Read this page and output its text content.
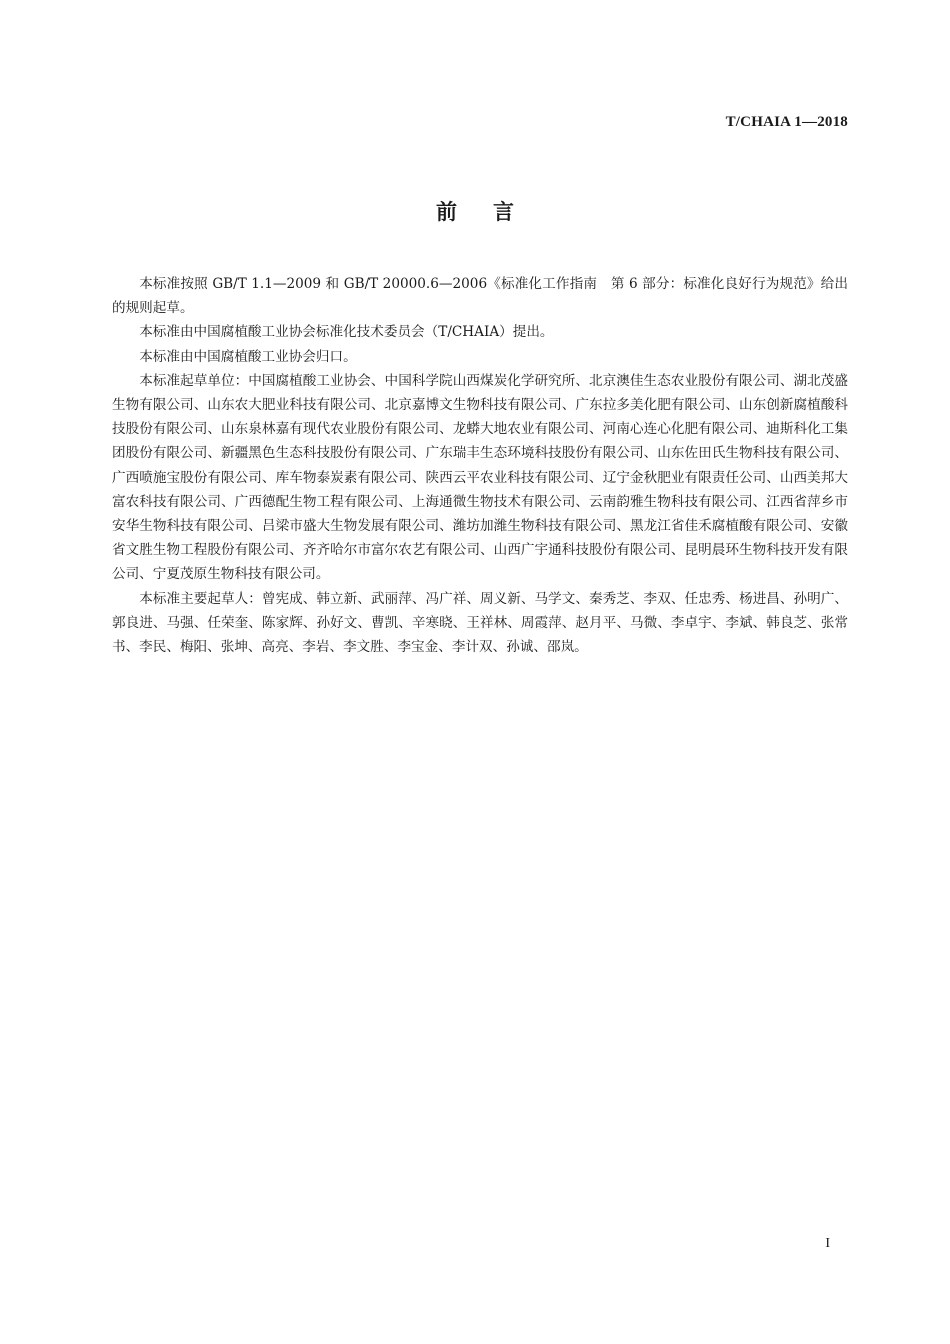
T/CHAIA 1—2018
前言

本标准按照 GB/T 1.1—2009 和 GB/T 20000.6—2006《标准化工作指南　第 6 部分：标准化良好行为规范》给出的规则起草。

本标准由中国腐植酸工业协会标准化技术委员会（T/CHAIA）提出。

本标准由中国腐植酸工业协会归口。

本标准起草单位：中国腐植酸工业协会、中国科学院山西煤炭化学研究所、北京澳佳生态农业股份有限公司、湖北茂盛生物有限公司、山东农大肥业科技有限公司、北京嘉博文生物科技有限公司、广东拉多美化肥有限公司、山东创新腐植酸科技股份有限公司、山东泉林嘉有现代农业股份有限公司、龙蟒大地农业有限公司、河南心连心化肥有限公司、迪斯科化工集团股份有限公司、新疆黑色生态科技股份有限公司、广东瑞丰生态环境科技股份有限公司、山东佐田氏生物科技有限公司、广西喷施宝股份有限公司、库车物泰炭素有限公司、陕西云平农业科技有限公司、辽宁金秋肥业有限责任公司、山西美邦大富农科技有限公司、广西德配生物工程有限公司、上海通微生物技术有限公司、云南韵雅生物科技有限公司、江西省萍乡市安华生物科技有限公司、吕梁市盛大生物发展有限公司、潍坊加潍生物科技有限公司、黑龙江省佳禾腐植酸有限公司、安徽省文胜生物工程股份有限公司、齐齐哈尔市富尔农艺有限公司、山西广宇通科技股份有限公司、昆明晨环生物科技开发有限公司、宁夏茂原生物科技有限公司。

本标准主要起草人：曾宪成、韩立新、武丽萍、冯广祥、周义新、马学文、秦秀芝、李双、任忠秀、杨进昌、孙明广、郭良进、马强、任荣奎、陈家辉、孙好文、曹凯、辛寒晓、王祥林、周霞萍、赵月平、马微、李卓宇、李斌、韩良芝、张常书、李民、梅阳、张坤、高亮、李岩、李文胜、李宝金、李计双、孙诚、邵岚。

I
